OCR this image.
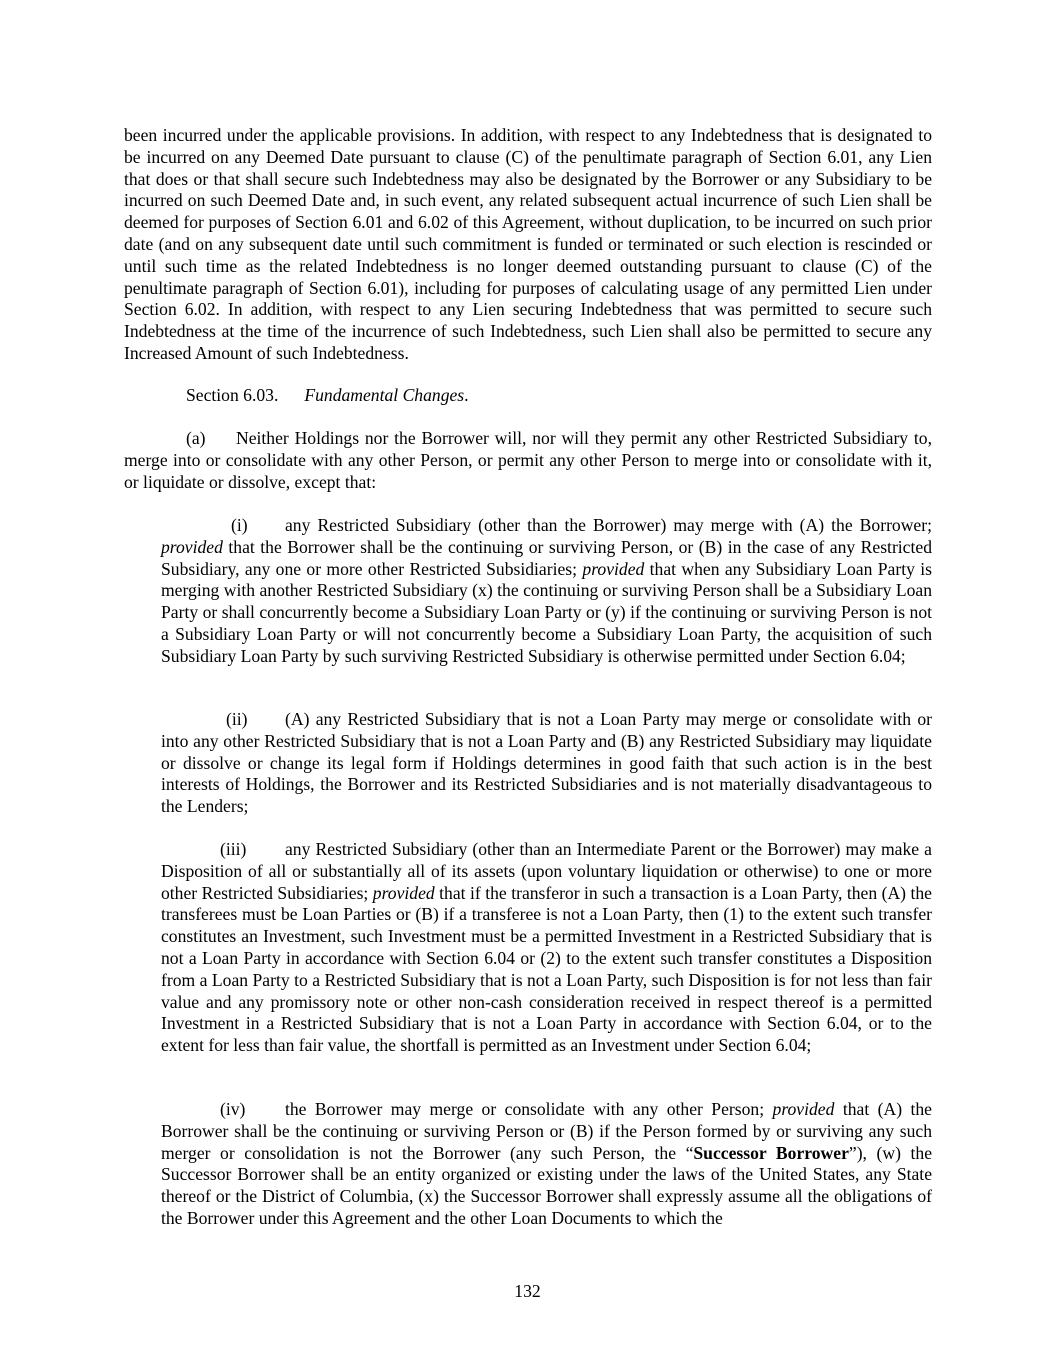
been incurred under the applicable provisions. In addition, with respect to any Indebtedness that is designated to be incurred on any Deemed Date pursuant to clause (C) of the penultimate paragraph of Section 6.01, any Lien that does or that shall secure such Indebtedness may also be designated by the Borrower or any Subsidiary to be incurred on such Deemed Date and, in such event, any related subsequent actual incurrence of such Lien shall be deemed for purposes of Section 6.01 and 6.02 of this Agreement, without duplication, to be incurred on such prior date (and on any subsequent date until such commitment is funded or terminated or such election is rescinded or until such time as the related Indebtedness is no longer deemed outstanding pursuant to clause (C) of the penultimate paragraph of Section 6.01), including for purposes of calculating usage of any permitted Lien under Section 6.02. In addition, with respect to any Lien securing Indebtedness that was permitted to secure such Indebtedness at the time of the incurrence of such Indebtedness, such Lien shall also be permitted to secure any Increased Amount of such Indebtedness.

Section 6.03. Fundamental Changes.

(a) Neither Holdings nor the Borrower will, nor will they permit any other Restricted Subsidiary to, merge into or consolidate with any other Person, or permit any other Person to merge into or consolidate with it, or liquidate or dissolve, except that:

(i) any Restricted Subsidiary (other than the Borrower) may merge with (A) the Borrower; provided that the Borrower shall be the continuing or surviving Person, or (B) in the case of any Restricted Subsidiary, any one or more other Restricted Subsidiaries; provided that when any Subsidiary Loan Party is merging with another Restricted Subsidiary (x) the continuing or surviving Person shall be a Subsidiary Loan Party or shall concurrently become a Subsidiary Loan Party or (y) if the continuing or surviving Person is not a Subsidiary Loan Party or will not concurrently become a Subsidiary Loan Party, the acquisition of such Subsidiary Loan Party by such surviving Restricted Subsidiary is otherwise permitted under Section 6.04;

(ii) (A) any Restricted Subsidiary that is not a Loan Party may merge or consolidate with or into any other Restricted Subsidiary that is not a Loan Party and (B) any Restricted Subsidiary may liquidate or dissolve or change its legal form if Holdings determines in good faith that such action is in the best interests of Holdings, the Borrower and its Restricted Subsidiaries and is not materially disadvantageous to the Lenders;

(iii) any Restricted Subsidiary (other than an Intermediate Parent or the Borrower) may make a Disposition of all or substantially all of its assets (upon voluntary liquidation or otherwise) to one or more other Restricted Subsidiaries; provided that if the transferor in such a transaction is a Loan Party, then (A) the transferees must be Loan Parties or (B) if a transferee is not a Loan Party, then (1) to the extent such transfer constitutes an Investment, such Investment must be a permitted Investment in a Restricted Subsidiary that is not a Loan Party in accordance with Section 6.04 or (2) to the extent such transfer constitutes a Disposition from a Loan Party to a Restricted Subsidiary that is not a Loan Party, such Disposition is for not less than fair value and any promissory note or other non-cash consideration received in respect thereof is a permitted Investment in a Restricted Subsidiary that is not a Loan Party in accordance with Section 6.04, or to the extent for less than fair value, the shortfall is permitted as an Investment under Section 6.04;

(iv) the Borrower may merge or consolidate with any other Person; provided that (A) the Borrower shall be the continuing or surviving Person or (B) if the Person formed by or surviving any such merger or consolidation is not the Borrower (any such Person, the “Successor Borrower”), (w) the Successor Borrower shall be an entity organized or existing under the laws of the United States, any State thereof or the District of Columbia, (x) the Successor Borrower shall expressly assume all the obligations of the Borrower under this Agreement and the other Loan Documents to which the

132
